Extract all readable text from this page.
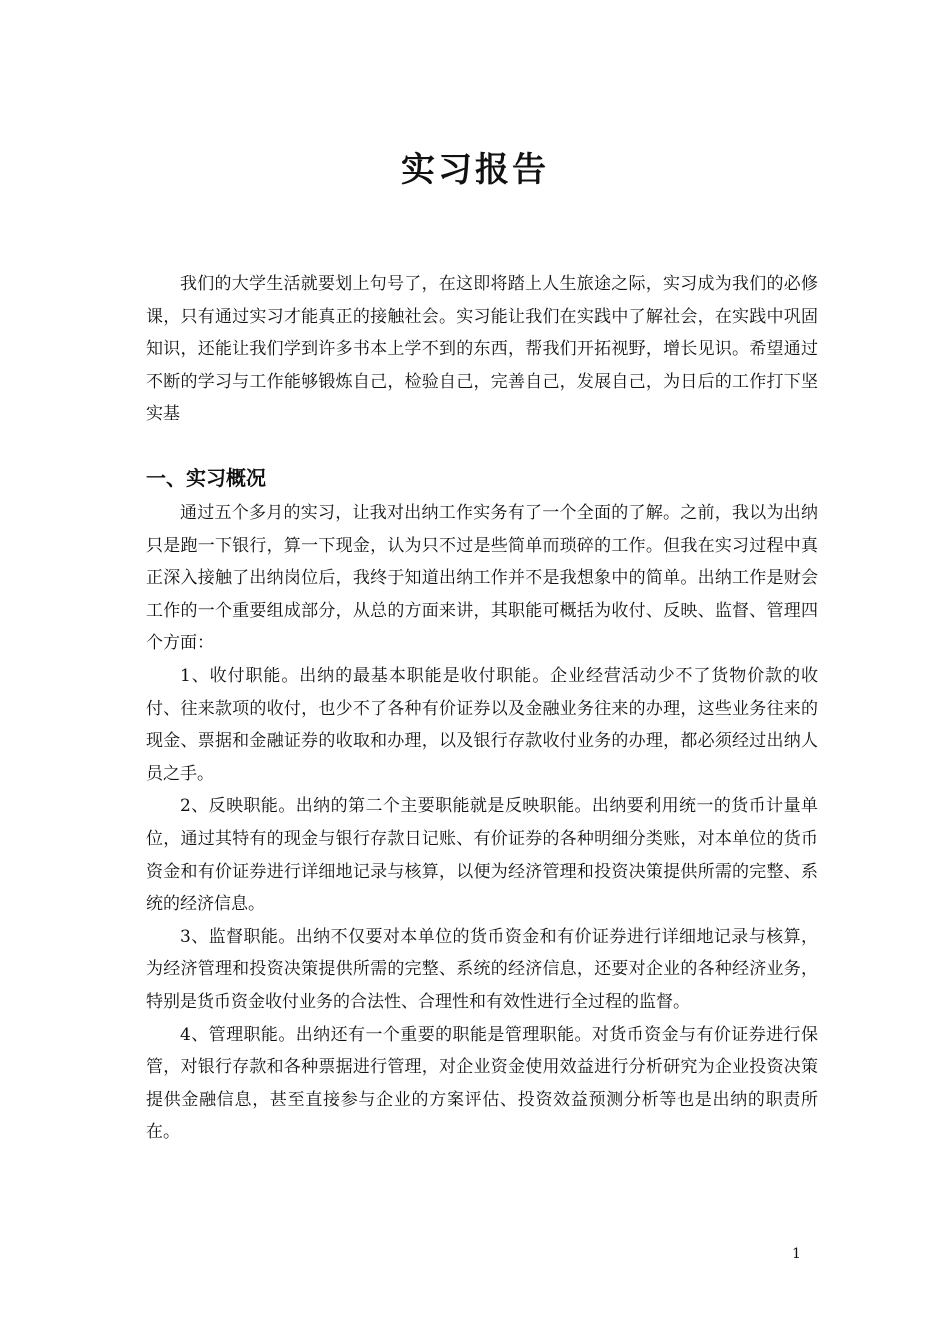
实习报告

我们的大学生活就要划上句号了，在这即将踏上人生旅途之际，实习成为我们的必修课，只有通过实习才能真正的接触社会。实习能让我们在实践中了解社会，在实践中巩固知识，还能让我们学到许多书本上学不到的东西，帮我们开拓视野，增长见识。希望通过不断的学习与工作能够锻炼自己，检验自己，完善自己，发展自己，为日后的工作打下坚实基

一、实习概况

通过五个多月的实习，让我对出纳工作实务有了一个全面的了解。之前，我以为出纳只是跑一下银行，算一下现金，认为只不过是些简单而琐碎的工作。但我在实习过程中真正深入接触了出纳岗位后，我终于知道出纳工作并不是我想象中的简单。出纳工作是财会工作的一个重要组成部分，从总的方面来讲，其职能可概括为收付、反映、监督、管理四个方面：

1、收付职能。出纳的最基本职能是收付职能。企业经营活动少不了货物价款的收付、往来款项的收付，也少不了各种有价证券以及金融业务往来的办理，这些业务往来的现金、票据和金融证券的收取和办理，以及银行存款收付业务的办理，都必须经过出纳人员之手。

2、反映职能。出纳的第二个主要职能就是反映职能。出纳要利用统一的货币计量单位，通过其特有的现金与银行存款日记账、有价证券的各种明细分类账，对本单位的货币资金和有价证券进行详细地记录与核算，以便为经济管理和投资决策提供所需的完整、系统的经济信息。

3、监督职能。出纳不仅要对本单位的货币资金和有价证券进行详细地记录与核算，为经济管理和投资决策提供所需的完整、系统的经济信息，还要对企业的各种经济业务，特别是货币资金收付业务的合法性、合理性和有效性进行全过程的监督。

4、管理职能。出纳还有一个重要的职能是管理职能。对货币资金与有价证券进行保管，对银行存款和各种票据进行管理，对企业资金使用效益进行分析研究为企业投资决策提供金融信息，甚至直接参与企业的方案评估、投资效益预测分析等也是出纳的职责所在。

1
